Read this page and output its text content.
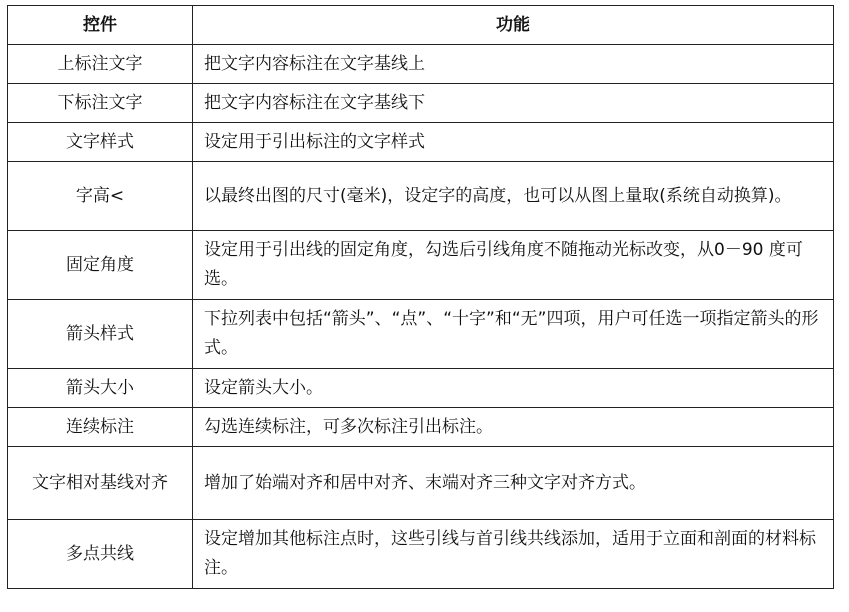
控件	功能
上标注文字	把文字内容标注在文字基线上
下标注文字	把文字内容标注在文字基线下
文字样式	设定用于引出标注的文字样式
字高<	以最终出图的尺寸(毫米)，设定字的高度，也可以从图上量取(系统自动换算)。
固定角度	设定用于引出线的固定角度，勾选后引线角度不随拖动光标改变，从0－90 度可选。
箭头样式	下拉列表中包括“箭头”、“点”、“十字”和“无”四项，用户可任选一项指定箭头的形式。
箭头大小	设定箭头大小。
连续标注	勾选连续标注，可多次标注引出标注。
文字相对基线对齐	增加了始端对齐和居中对齐、末端对齐三种文字对齐方式。
多点共线	设定增加其他标注点时，这些引线与首引线共线添加，适用于立面和剖面的材料标注。
